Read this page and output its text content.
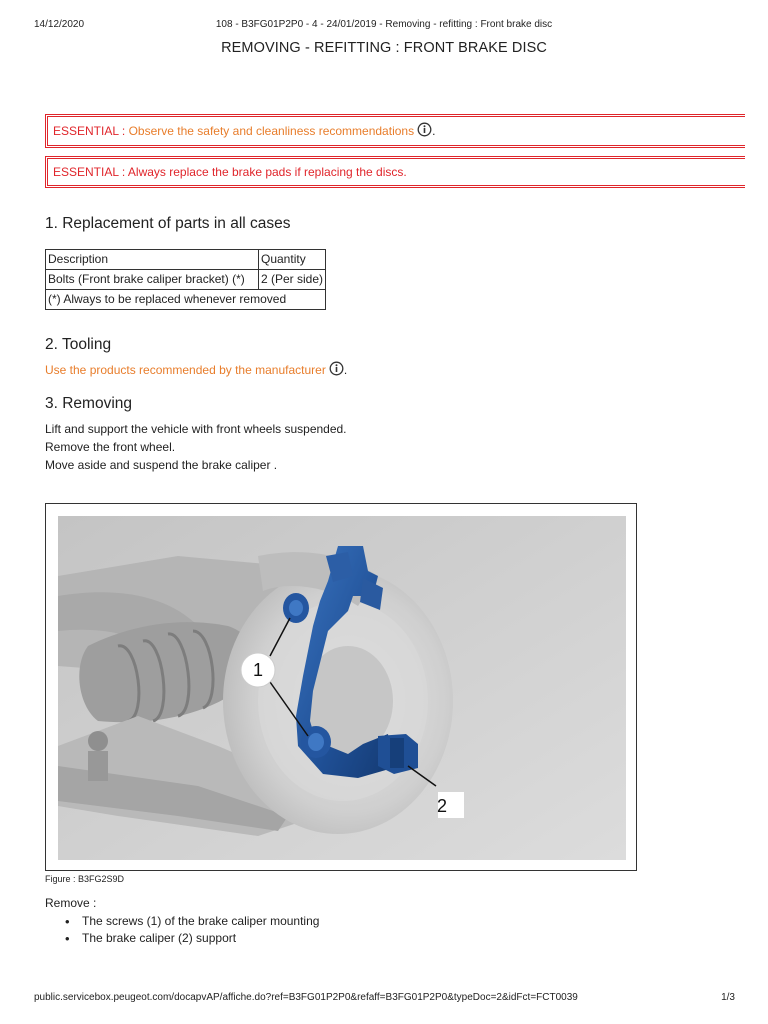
14/12/2020	108 - B3FG01P2P0 - 4 - 24/01/2019 - Removing - refitting : Front brake disc
REMOVING - REFITTING : FRONT BRAKE DISC
ESSENTIAL : Observe the safety and cleanliness recommendations .
ESSENTIAL : Always replace the brake pads if replacing the discs.
1. Replacement of parts in all cases
Description	Quantity
Bolts (Front brake caliper bracket) (*)	2 (Per side)
(*) Always to be replaced whenever removed	
2. Tooling
Use the products recommended by the manufacturer .
3. Removing
Lift and support the vehicle with front wheels suspended.
Remove the front wheel.
Move aside and suspend the brake caliper .
1
2
Figure : B3FG2S9D
Remove :
• The screws (1) of the brake caliper mounting
• The brake caliper (2) support
public.servicebox.peugeot.com/docapvAP/affiche.do?ref=B3FG01P2P0&refaff=B3FG01P2P0&typeDoc=2&idFct=FCT0039	1/3
